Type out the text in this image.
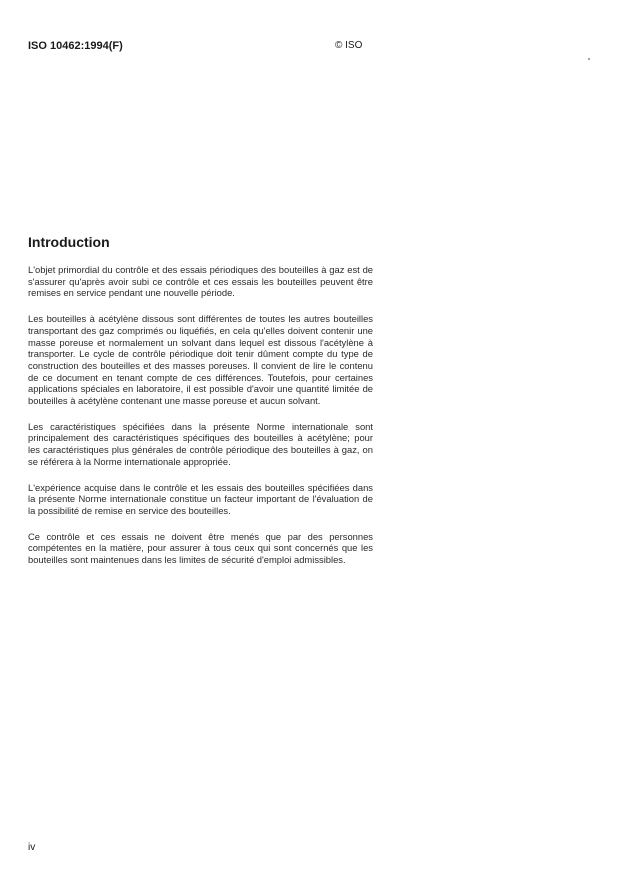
ISO 10462:1994(F)	© ISO
Introduction

L'objet primordial du contrôle et des essais périodiques des bouteilles à gaz est de s'assurer qu'après avoir subi ce contrôle et ces essais les bouteilles peuvent être remises en service pendant une nouvelle période.

Les bouteilles à acétylène dissous sont différentes de toutes les autres bouteilles transportant des gaz comprimés ou liquéfiés, en cela qu'elles doivent contenir une masse poreuse et normalement un solvant dans lequel est dissous l'acétylène à transporter. Le cycle de contrôle périodique doit tenir dûment compte du type de construction des bouteilles et des masses poreuses. Il convient de lire le contenu de ce document en tenant compte de ces différences. Toutefois, pour certaines applications spéciales en laboratoire, il est possible d'avoir une quantité limitée de bouteilles à acétylène contenant une masse poreuse et aucun solvant.

Les caractéristiques spécifiées dans la présente Norme internationale sont principalement des caractéristiques spécifiques des bouteilles à acétylène; pour les caractéristiques plus générales de contrôle périodique des bouteilles à gaz, on se référera à la Norme internationale appropriée.

L'expérience acquise dans le contrôle et les essais des bouteilles spécifiées dans la présente Norme internationale constitue un facteur important de l'évaluation de la possibilité de remise en service des bouteilles.

Ce contrôle et ces essais ne doivent être menés que par des personnes compétentes en la matière, pour assurer à tous ceux qui sont concernés que les bouteilles sont maintenues dans les limites de sécurité d'emploi admissibles.

iv
